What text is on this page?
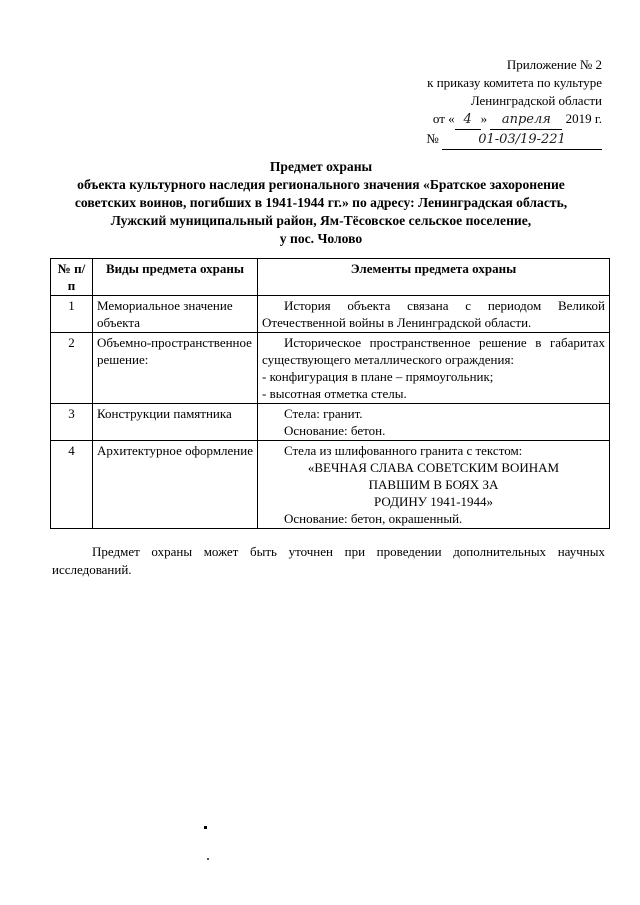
Приложение № 2
к приказу комитета по культуре
Ленинградской области
от « 4 » апреля 2019 г.
№	01-03/19-221
Предмет охраны
объекта культурного наследия регионального значения «Братское захоронение
советских воинов, погибших в 1941-1944 гг.» по адресу: Ленинградская область,
Лужский муниципальный район, Ям-Тёсовское сельское поселение,
у пос. Чолово
№ п/п	Виды предмета охраны	Элементы предмета охраны
1	Мемориальное значение объекта	История объекта связана с периодом Великой Отечественной войны в Ленинградской области.

2	Объемно-пространственное решение:	Историческое пространственное решение в габаритах существующего металлического ограждения:
- конфигурация в плане – прямоугольник;
- высотная отметка стелы.

3	Конструкции памятника	Стела: гранит.
Основание: бетон.

4	Архитектурное оформление	Стела из шлифованного гранита с текстом:
«ВЕЧНАЯ СЛАВА СОВЕТСКИМ ВОИНАМ
ПАВШИМ В БОЯХ ЗА
РОДИНУ 1941-1944»
Основание: бетон, окрашенный.
Предмет охраны может быть уточнен при проведении дополнительных научных исследований.
